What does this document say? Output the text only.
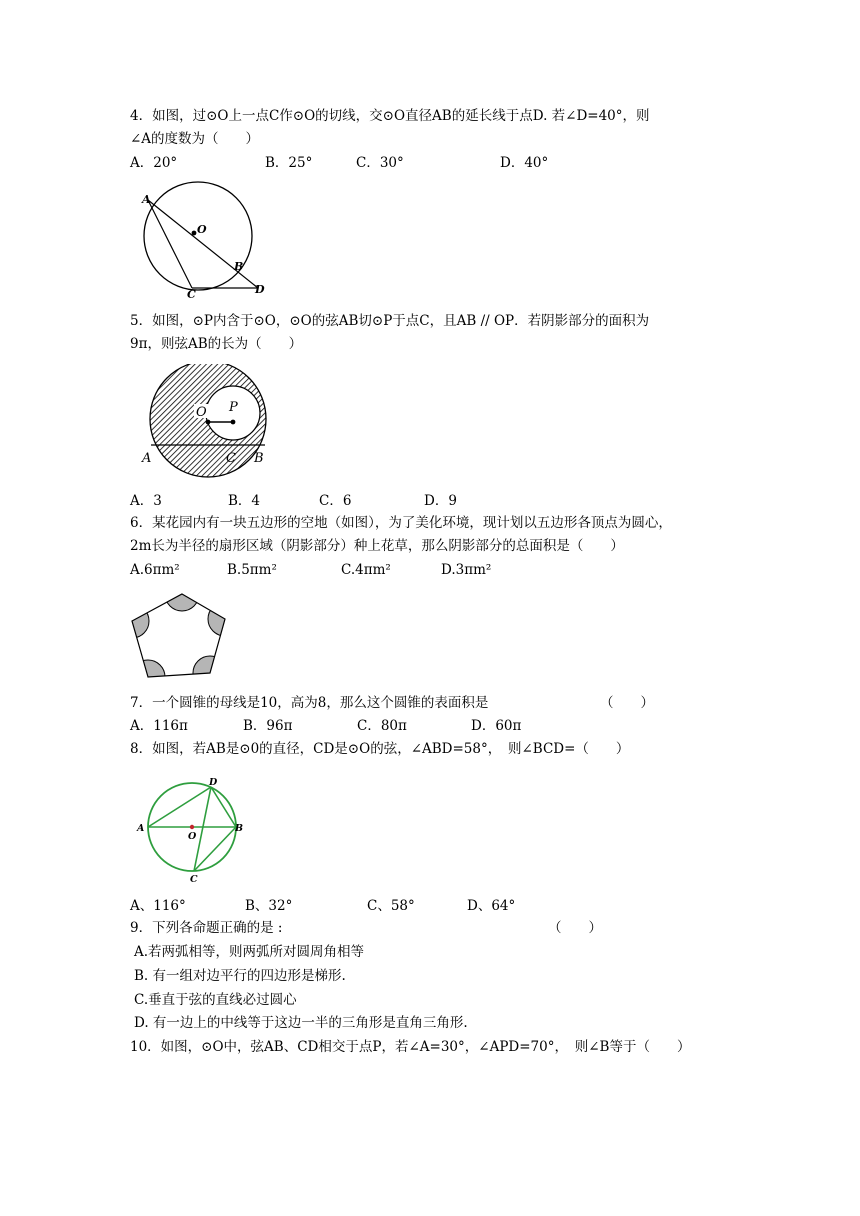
4．如图，过⊙O上一点C作⊙O的切线，交⊙O直径AB的延长线于点D. 若∠D=40°，则
∠A的度数为（　　）
A．20°	B．25°	C．30°	D．40°
A
O
B
C	D
5．如图，⊙P内含于⊙O，⊙O的弦AB切⊙P于点C，且AB // OP．若阴影部分的面积为
9π，则弦AB的长为（　　）
O P
A	C B
A．3	B．4	C．6	D．9
6．某花园内有一块五边形的空地（如图），为了美化环境，现计划以五边形各顶点为圆心，
2m长为半径的扇形区域（阴影部分）种上花草，那么阴影部分的总面积是（　　）
A.6πm²	B.5πm²	C.4πm²	D.3πm²
7．一个圆锥的母线是10，高为8，那么这个圆锥的表面积是	（　　）
A．116π	B．96π	C．80π	D．60π
8．如图，若AB是⊙0的直径，CD是⊙O的弦，∠ABD=58°，　则∠BCD=（　　）
D
A
O
B
C
A、116°	B、32°	C、58°	D、64°
9．下列各命题正确的是 :	（　　）
A.若两弧相等，则两弧所对圆周角相等
B. 有一组对边平行的四边形是梯形.
C.垂直于弦的直线必过圆心
D. 有一边上的中线等于这边一半的三角形是直角三角形.
10．如图，⊙O中，弦AB、CD相交于点P，若∠A=30°，∠APD=70°，　则∠B等于（　　）
